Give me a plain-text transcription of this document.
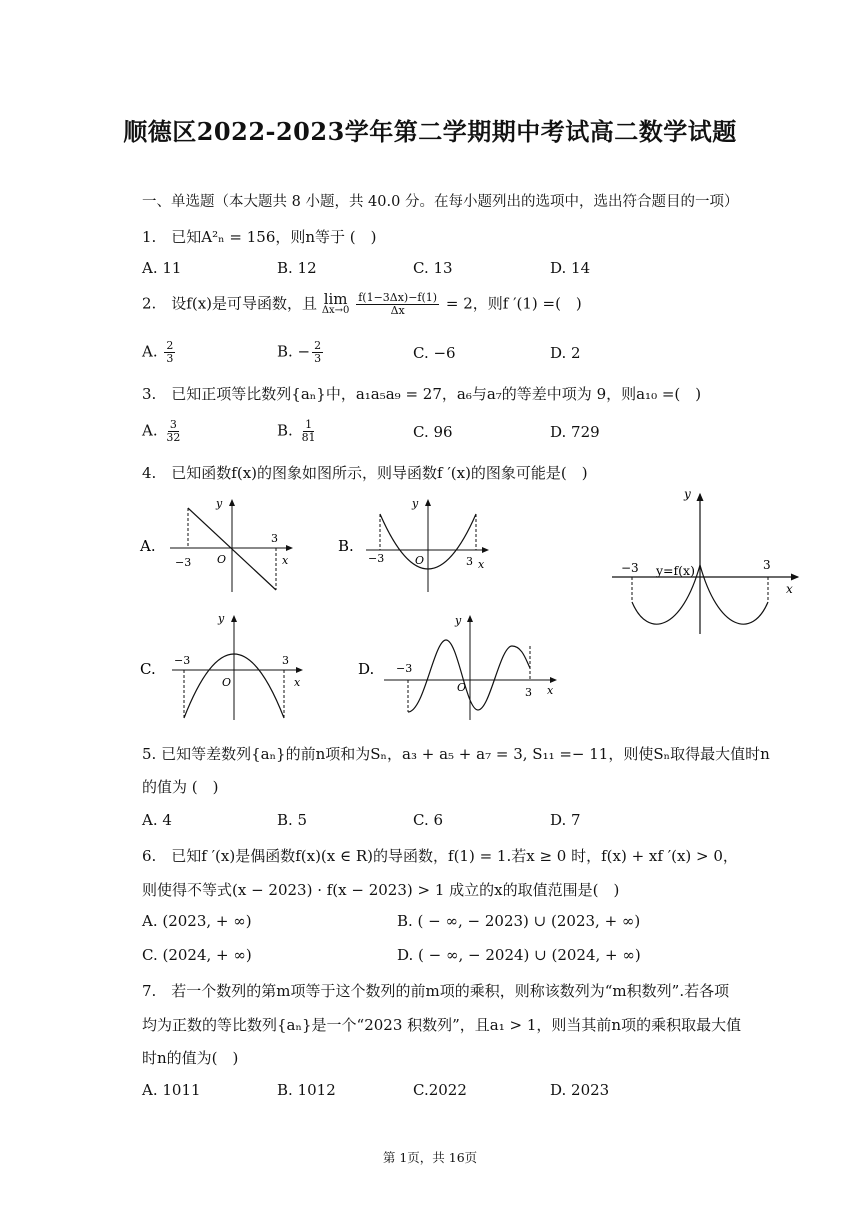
顺德区2022-2023学年第二学期期中考试高二数学试题
一、单选题（本大题共 8 小题，共 40.0 分。在每小题列出的选项中，选出符合题目的一项）
1.　已知A²ₙ = 156，则n等于 (　)
A. 11	B. 12	C. 13	D. 14
2.　设f(x)是可导函数，且 lim
Δx→0
$\frac{f(1-3\Delta x)-f(1)}{\Delta x} = 2$，则f ′(1) =(　)
A. $\frac{2}{3}$	B. − $\frac{2}{3}$	C. −6	D. 2
3.　已知正项等比数列{aₙ}中，a₁a₅a₉ = 27，a₆与a₇的等差中项为 9，则a₁₀ =(　)
A. $\frac{3}{32}$	B. $\frac{1}{81}$	C. 96	D. 729
4.　已知函数f(x)的图象如图所示，则导函数f ′(x)的图象可能是(　)
A.
y
x
O
−3
3	B.
y
x
O
−3	3
y
x
−3	3
y=f(x)
C.
y
x
O
−3	3	D.
y
x
O
−3
3
5. 已知等差数列{aₙ}的前n项和为Sₙ，a₃ + a₅ + a₇ = 3, S₁₁ =− 11，则使Sₙ取得最大值时n
的值为 (　)
A. 4	B. 5	C. 6	D. 7
6.　已知f ′(x)是偶函数f(x)(x ∈ R)的导函数，f(1) = 1.若x ≥ 0 时，f(x) + xf ′(x) > 0，
则使得不等式(x − 2023) · f(x − 2023) > 1 成立的x的取值范围是(　)
A. (2023, + ∞)	B. ( − ∞, − 2023) ∪ (2023, + ∞)
C. (2024, + ∞)	D. ( − ∞, − 2024) ∪ (2024, + ∞)
7.　若一个数列的第m项等于这个数列的前m项的乘积，则称该数列为“m积数列”.若各项
均为正数的等比数列{aₙ}是一个“2023 积数列”，且a₁ > 1，则当其前n项的乘积取最大值
时n的值为(　)
A. 1011	B. 1012	C.2022	D. 2023
第 1页，共 16页
